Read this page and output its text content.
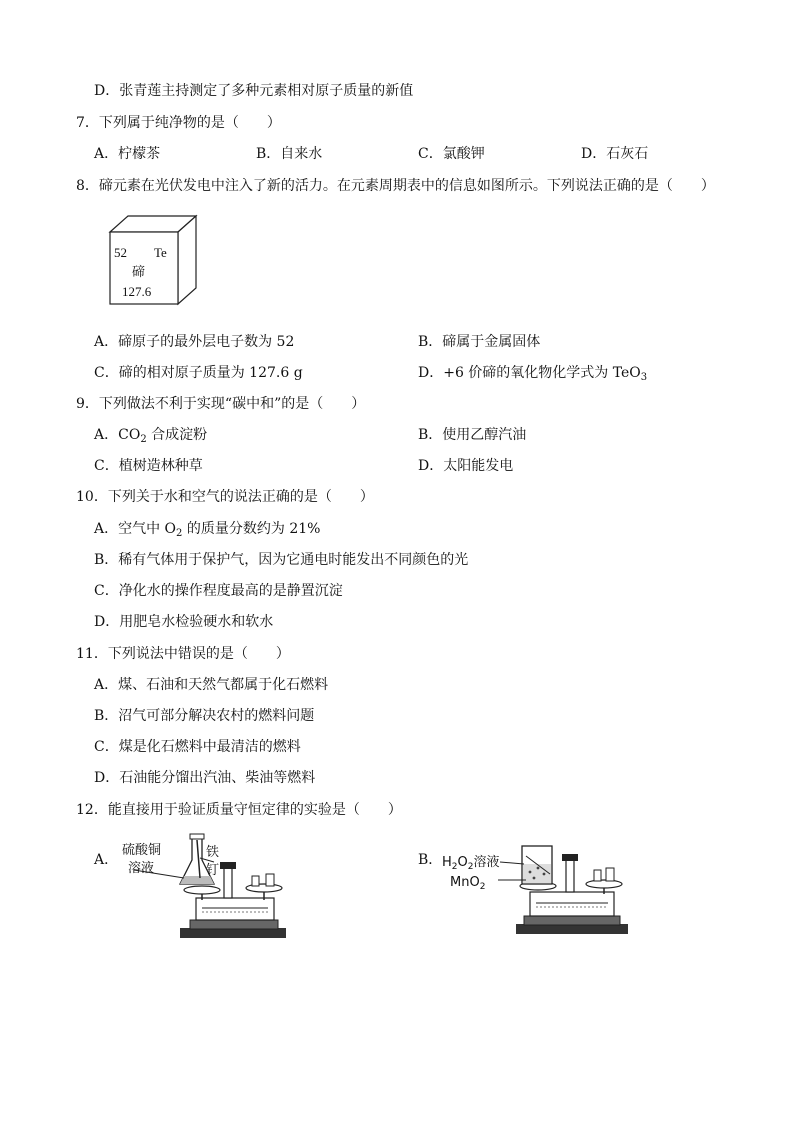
D．张青莲主持测定了多种元素相对原子质量的新值
7．下列属于纯净物的是（　　）
A．柠檬茶	B．自来水	C．氯酸钾	D．石灰石
8．碲元素在光伏发电中注入了新的活力。在元素周期表中的信息如图所示。下列说法正确的是（　　）
52 Te
碲
127.6
A．碲原子的最外层电子数为 52	B．碲属于金属固体
C．碲的相对原子质量为 127.6 g	D．+6 价碲的氧化物化学式为 TeO$_3$
9．下列做法不利于实现“碳中和”的是（　　）
A．$CO_2$ 合成淀粉	B．使用乙醇汽油
C．植树造林种草	D．太阳能发电
10．下列关于水和空气的说法正确的是（　　）
A．空气中 $O_2$ 的质量分数约为 21%
B．稀有气体用于保护气，因为它通电时能发出不同颜色的光
C．净化水的操作程度最高的是静置沉淀
D．用肥皂水检验硬水和软水
11．下列说法中错误的是（　　）
A．煤、石油和天然气都属于化石燃料
B．沼气可部分解决农村的燃料问题
C．煤是化石燃料中最清洁的燃料
D．石油能分馏出汽油、柴油等燃料
12．能直接用于验证质量守恒定律的实验是（　　）
A．
硫酸铜
溶液
铁
钉
B． $H_2O_2$溶液
MnO$_2$
